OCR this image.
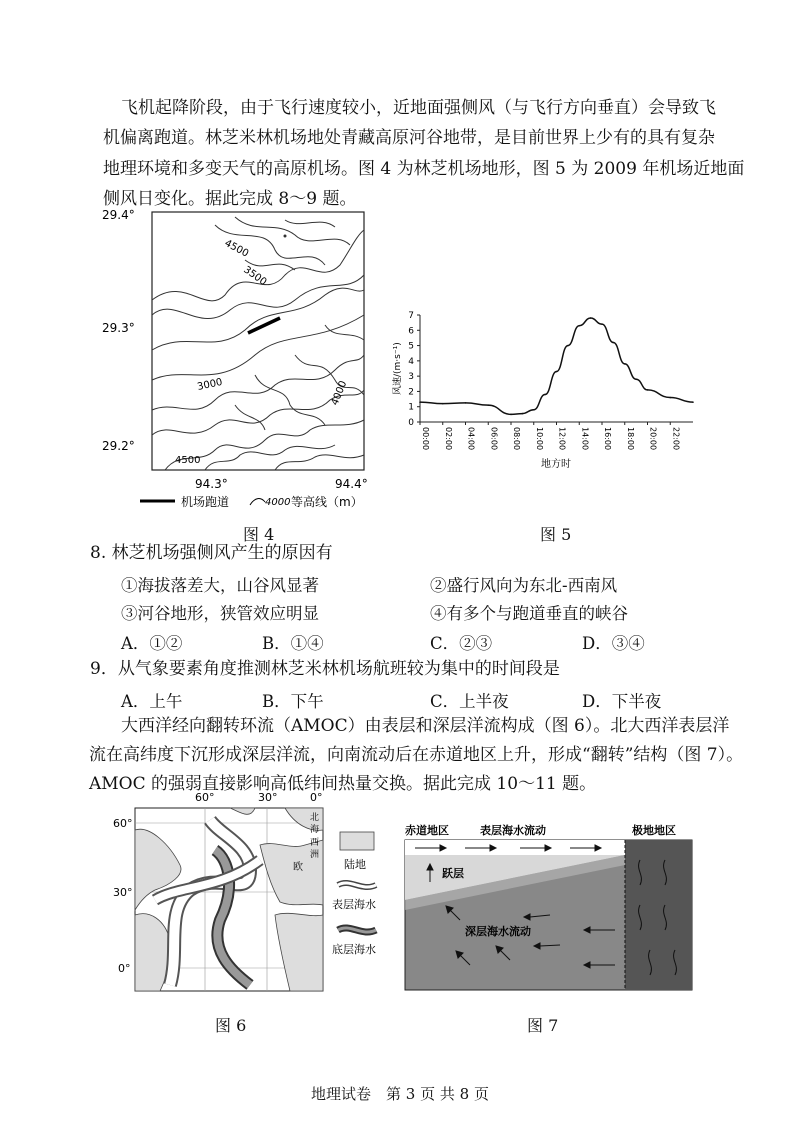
飞机起降阶段，由于飞行速度较小，近地面强侧风（与飞行方向垂直）会导致飞
机偏离跑道。林芝米林机场地处青藏高原河谷地带，是目前世界上少有的具有复杂
地理环境和多变天气的高原机场。图 4 为林芝机场地形，图 5 为 2009 年机场近地面
侧风日变化。据此完成 8～9 题。
4500
3500
3000	4000
4500
29.4°
29.3°
29.2°
94.3°	94.4°
机场跑道	4000 等高线（m）
图 4
0
1
2
3
4
5
6
7
00:00 02:00 04:00 06:00 08:00 10:00 12:00 14:00 16:00 18:00 20:00 22:00
风速/(m·s⁻¹)
地方时
图 5
8. 林芝机场强侧风产生的原因有
①海拔落差大，山谷风显著	②盛行风向为东北-西南风
③河谷地形，狭管效应明显	④有多个与跑道垂直的峡谷
A．①②	B．①④	C．②③	D．③④
9．从气象要素角度推测林芝米林机场航班较为集中的时间段是
A．上午	B．下午	C．上半夜	D．下半夜
大西洋经向翻转环流（AMOC）由表层和深层洋流构成（图 6）。北大西洋表层洋
流在高纬度下沉形成深层洋流，向南流动后在赤道地区上升，形成“翻转”结构（图 7）。
AMOC 的强弱直接影响高低纬间热量交换。据此完成 10～11 题。
60°	30°	0°
60°
30°
0°
北
海
欧
西
洲
陆地
表层海水
底层海水
图 6
赤道地区	表层海水流动	极地地区
跃层
深层海水流动
图 7
地理试卷　第 3 页 共 8 页
